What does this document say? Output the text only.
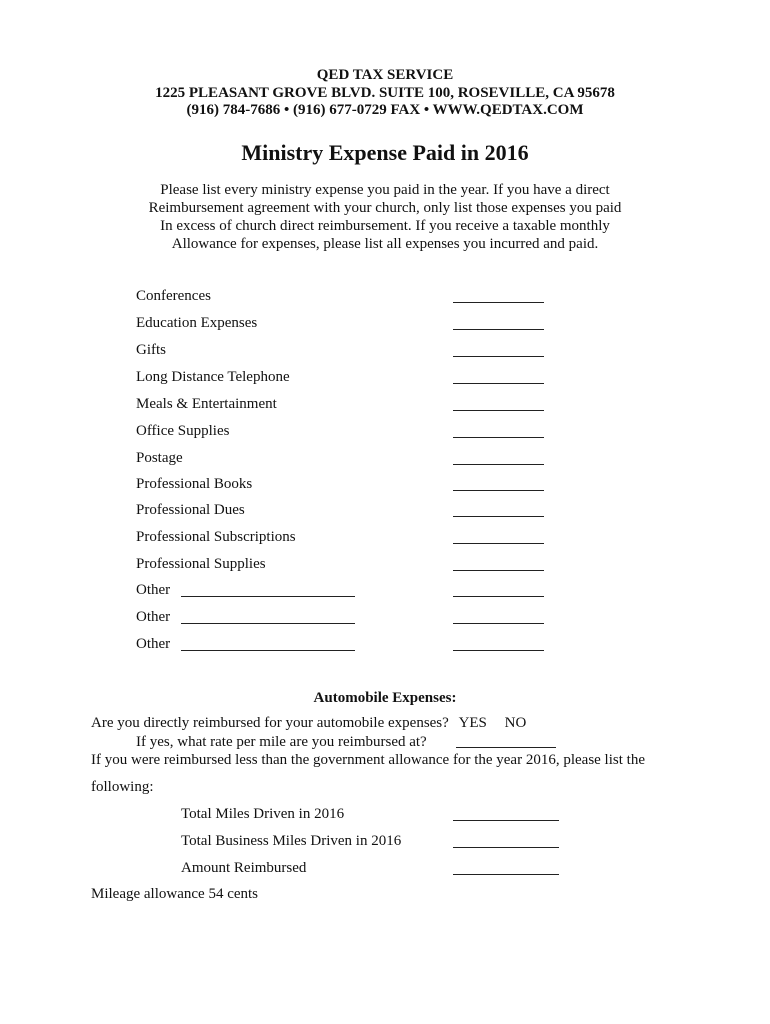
QED TAX SERVICE
1225 PLEASANT GROVE BLVD. SUITE 100, ROSEVILLE, CA 95678
(916) 784-7686 • (916) 677-0729 FAX • WWW.QEDTAX.COM
Ministry Expense Paid in 2016
Please list every ministry expense you paid in the year. If you have a direct
Reimbursement agreement with your church, only list those expenses you paid
In excess of church direct reimbursement. If you receive a taxable monthly
Allowance for expenses, please list all expenses you incurred and paid.
Conferences
Education Expenses
Gifts
Long Distance Telephone
Meals & Entertainment
Office Supplies
Postage
Professional Books
Professional Dues
Professional Subscriptions
Professional Supplies
Other
Other
Other
Automobile Expenses:
Are you directly reimbursed for your automobile expenses? YES NO
If yes, what rate per mile are you reimbursed at?
If you were reimbursed less than the government allowance for the year 2016, please list the
following:
Total Miles Driven in 2016
Total Business Miles Driven in 2016
Amount Reimbursed
Mileage allowance 54 cents
